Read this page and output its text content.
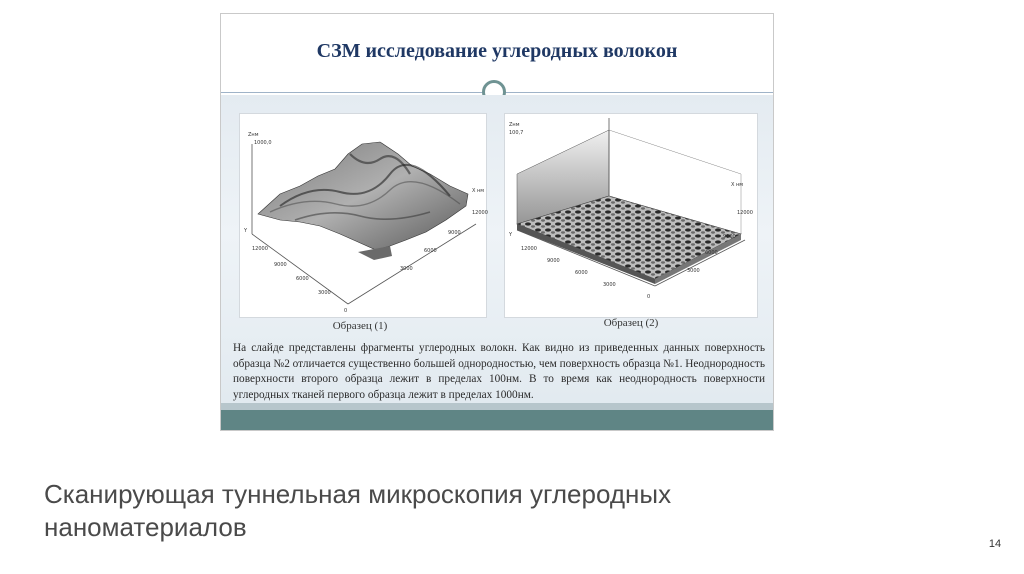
СЗМ исследование углеродных волокон
Zнм
1000,0
X нм
Y
12000
9000
6000
3000
0
12000
9000
6000
3000
Образец (1)
Zнм
100,7
X нм
Y
12000
9000
6000
3000
0
12000
9000
6000
3000
Образец (2)

На слайде представлены фрагменты углеродных волокн. Как видно из приведенных данных поверхность образца №2 отличается существенно большей однородностью, чем поверхность образца №1. Неоднородность поверхности второго образца лежит в пределах 100нм. В то время как неоднородность поверхности углеродных тканей первого образца лежит в пределах 1000нм.

Сканирующая туннельная микроскопия углеродных наноматериалов
14
